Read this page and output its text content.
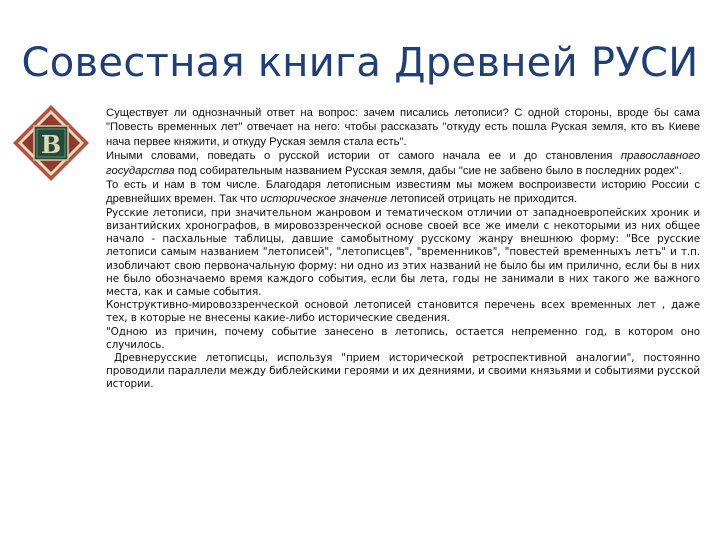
Совестная книга Древней РУСИ
В

Существует ли однозначный ответ на вопрос: зачем писались летописи? С одной стороны, вроде бы сама "Повесть временных лет" отвечает на него: чтобы рассказать "откуду есть пошла Руская земля, кто въ Киеве нача первее княжити, и откуду Руская земля стала есть".

Иными словами, поведать о русской истории от самого начала ее и до становления православного государства под собирательным названием Русская земля, дабы "сие не забвено было в последних родех".

То есть и нам в том числе. Благодаря летописным известиям мы можем воспроизвести историю России с древнейших времен. Так что историческое значение летописей отрицать не приходится.

Русские летописи, при значительном жанровом и тематическом отличии от западноевропейских хроник и византийских хронографов, в мировоззренческой основе своей все же имели с некоторыми из них общее начало - пасхальные таблицы, давшие самобытному русскому жанру внешнюю форму: "Все русские летописи самым названием "летописей", "летописцев", "временников", "повестей временныхъ летъ" и т.п. изобличают свою первоначальную форму: ни одно из этих названий не было бы им прилично, если бы в них не было обозначаемо время каждого события, если бы лета, годы не занимали в них такого же важного места, как и самые события.

Конструктивно-мировоззренческой основой летописей становится перечень всех временных лет , даже тех, в которые не внесены какие-либо исторические сведения.

"Одною из причин, почему событие занесено в летопись, остается непременно год, в котором оно случилось.

Древнерусские летописцы, используя "прием исторической ретроспективной аналогии", постоянно проводили параллели между библейскими героями и их деяниями, и своими князьями и событиями русской истории.
